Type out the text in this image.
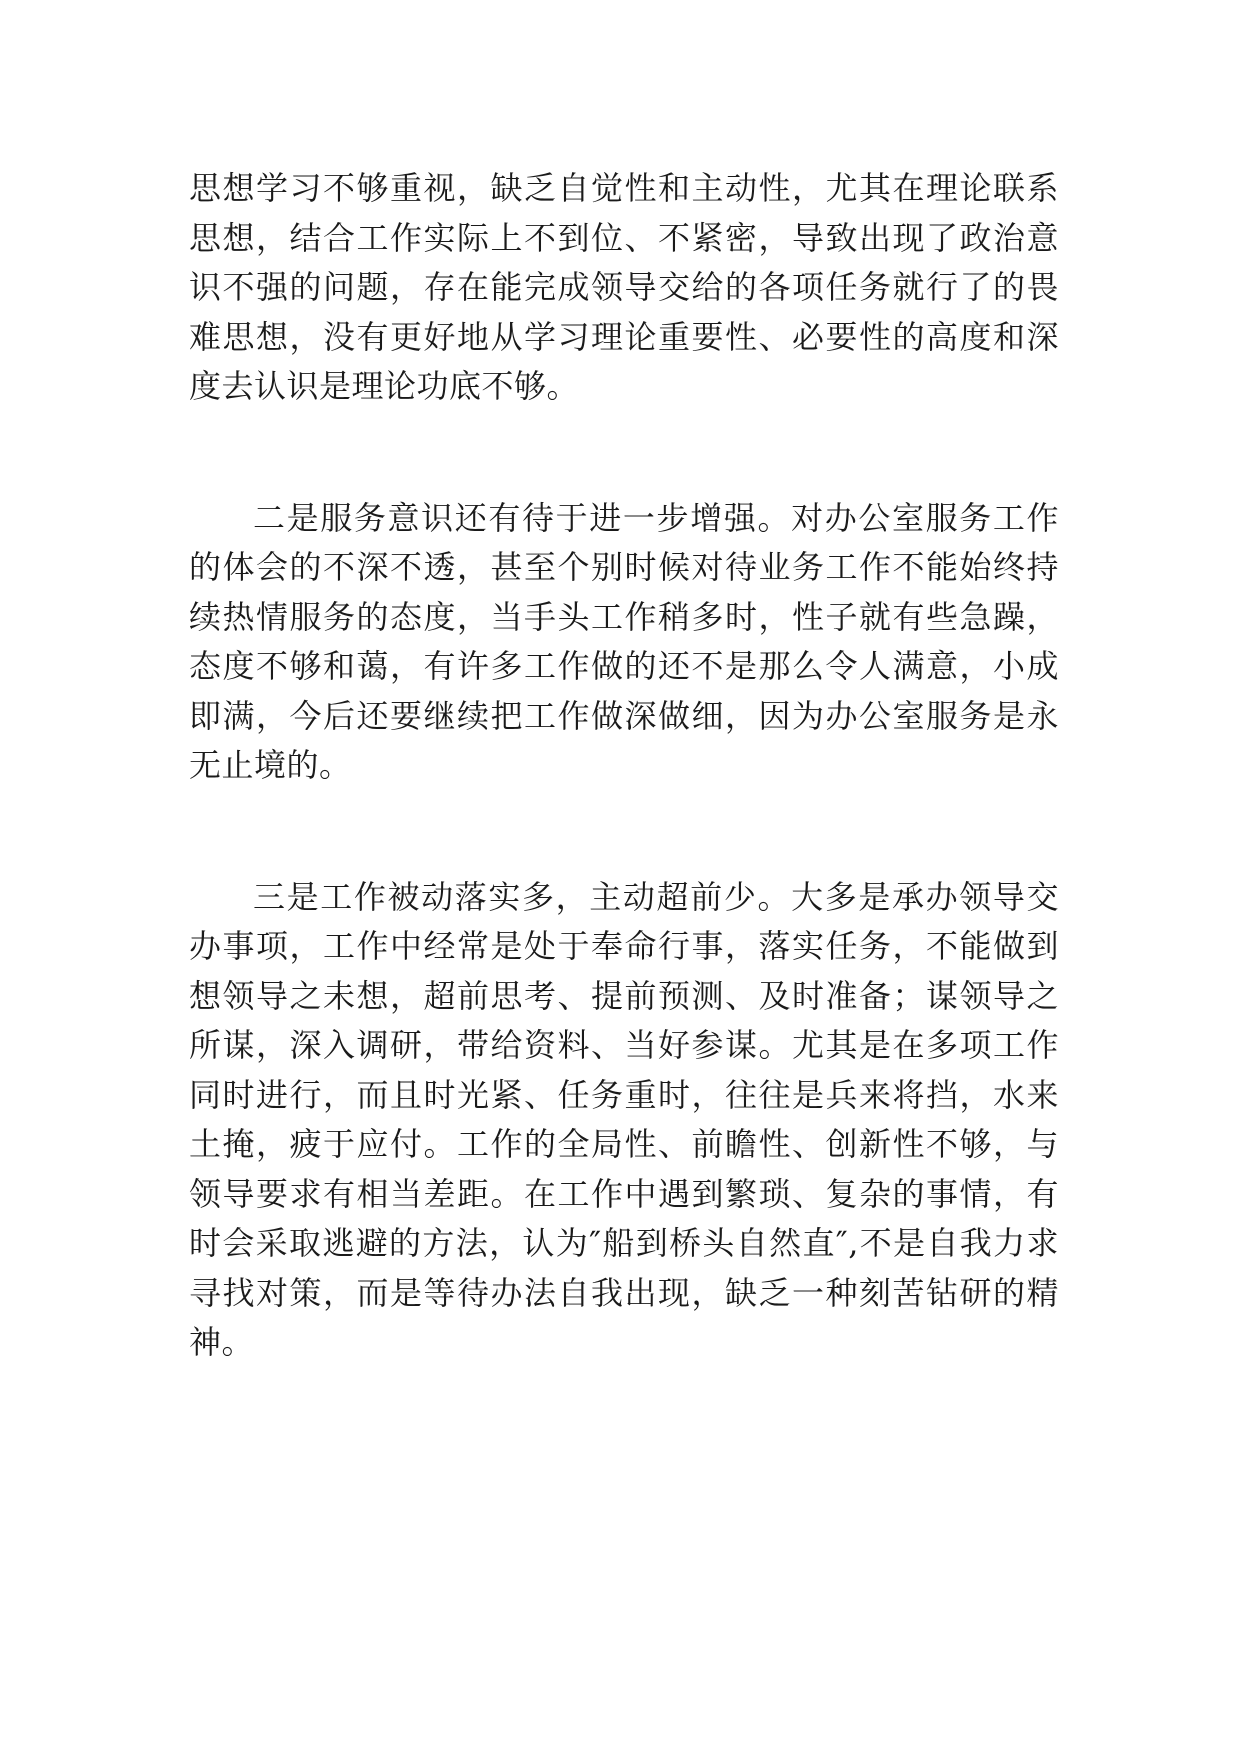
思想学习不够重视，缺乏自觉性和主动性，尤其在理论联系思想，结合工作实际上不到位、不紧密，导致出现了政治意识不强的问题，存在能完成领导交给的各项任务就行了的畏难思想，没有更好地从学习理论重要性、必要性的高度和深度去认识是理论功底不够。

二是服务意识还有待于进一步增强。对办公室服务工作的体会的不深不透，甚至个别时候对待业务工作不能始终持续热情服务的态度，当手头工作稍多时，性子就有些急躁，态度不够和蔼，有许多工作做的还不是那么令人满意，小成即满，今后还要继续把工作做深做细，因为办公室服务是永无止境的。

三是工作被动落实多，主动超前少。大多是承办领导交办事项，工作中经常是处于奉命行事，落实任务，不能做到想领导之未想，超前思考、提前预测、及时准备；谋领导之所谋，深入调研，带给资料、当好参谋。尤其是在多项工作同时进行，而且时光紧、任务重时，往往是兵来将挡，水来土掩，疲于应付。工作的全局性、前瞻性、创新性不够，与领导要求有相当差距。在工作中遇到繁琐、复杂的事情，有时会采取逃避的方法，认为″船到桥头自然直″,不是自我力求寻找对策，而是等待办法自我出现，缺乏一种刻苦钻研的精神。
